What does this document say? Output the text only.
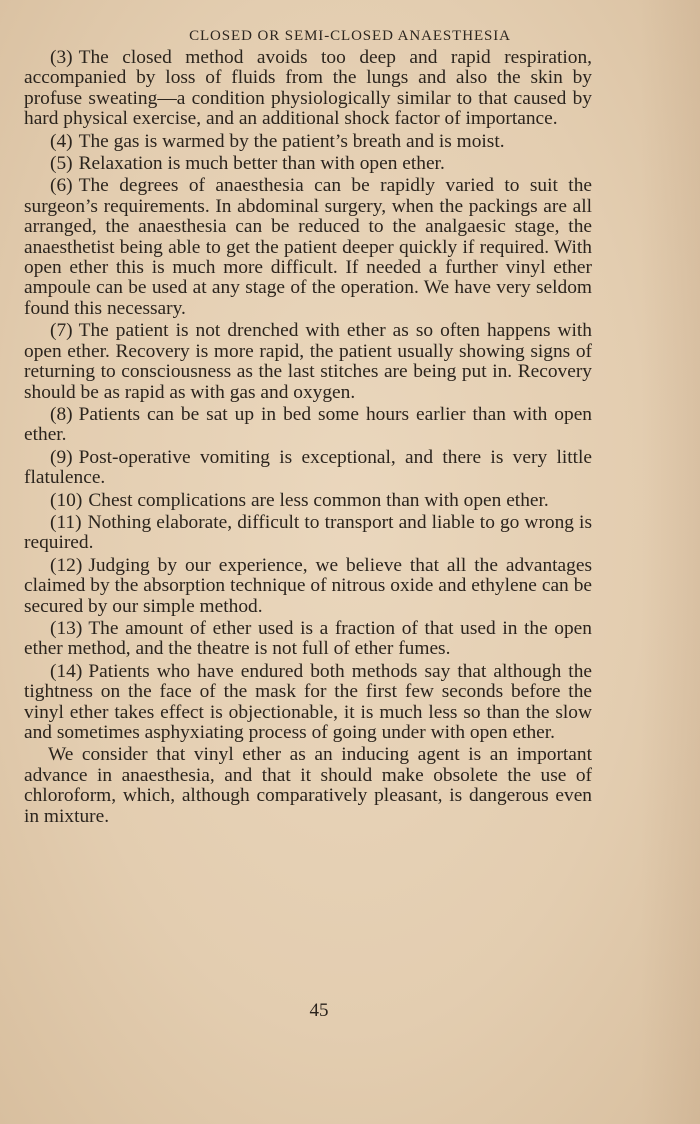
CLOSED OR SEMI-CLOSED ANAESTHESIA

(3) The closed method avoids too deep and rapid respiration, accompanied by loss of fluids from the lungs and also the skin by profuse sweating—a condition physiologically similar to that caused by hard physical exercise, and an additional shock factor of importance.

(4) The gas is warmed by the patient’s breath and is moist.

(5) Relaxation is much better than with open ether.

(6) The degrees of anaesthesia can be rapidly varied to suit the surgeon’s requirements. In abdominal surgery, when the packings are all arranged, the anaesthesia can be reduced to the analgaesic stage, the anaesthetist being able to get the patient deeper quickly if required. With open ether this is much more difficult. If needed a further vinyl ether ampoule can be used at any stage of the operation. We have very seldom found this necessary.

(7) The patient is not drenched with ether as so often happens with open ether. Recovery is more rapid, the patient usually showing signs of returning to consciousness as the last stitches are being put in. Recovery should be as rapid as with gas and oxygen.

(8) Patients can be sat up in bed some hours earlier than with open ether.

(9) Post-operative vomiting is exceptional, and there is very little flatulence.

(10) Chest complications are less common than with open ether.

(11) Nothing elaborate, difficult to transport and liable to go wrong is required.

(12) Judging by our experience, we believe that all the advantages claimed by the absorption technique of nitrous oxide and ethylene can be secured by our simple method.

(13) The amount of ether used is a fraction of that used in the open ether method, and the theatre is not full of ether fumes.

(14) Patients who have endured both methods say that although the tightness on the face of the mask for the first few seconds before the vinyl ether takes effect is objectionable, it is much less so than the slow and sometimes asphyxiating process of going under with open ether.

We consider that vinyl ether as an inducing agent is an important advance in anaesthesia, and that it should make obsolete the use of chloroform, which, although comparatively pleasant, is dangerous even in mixture.

45
